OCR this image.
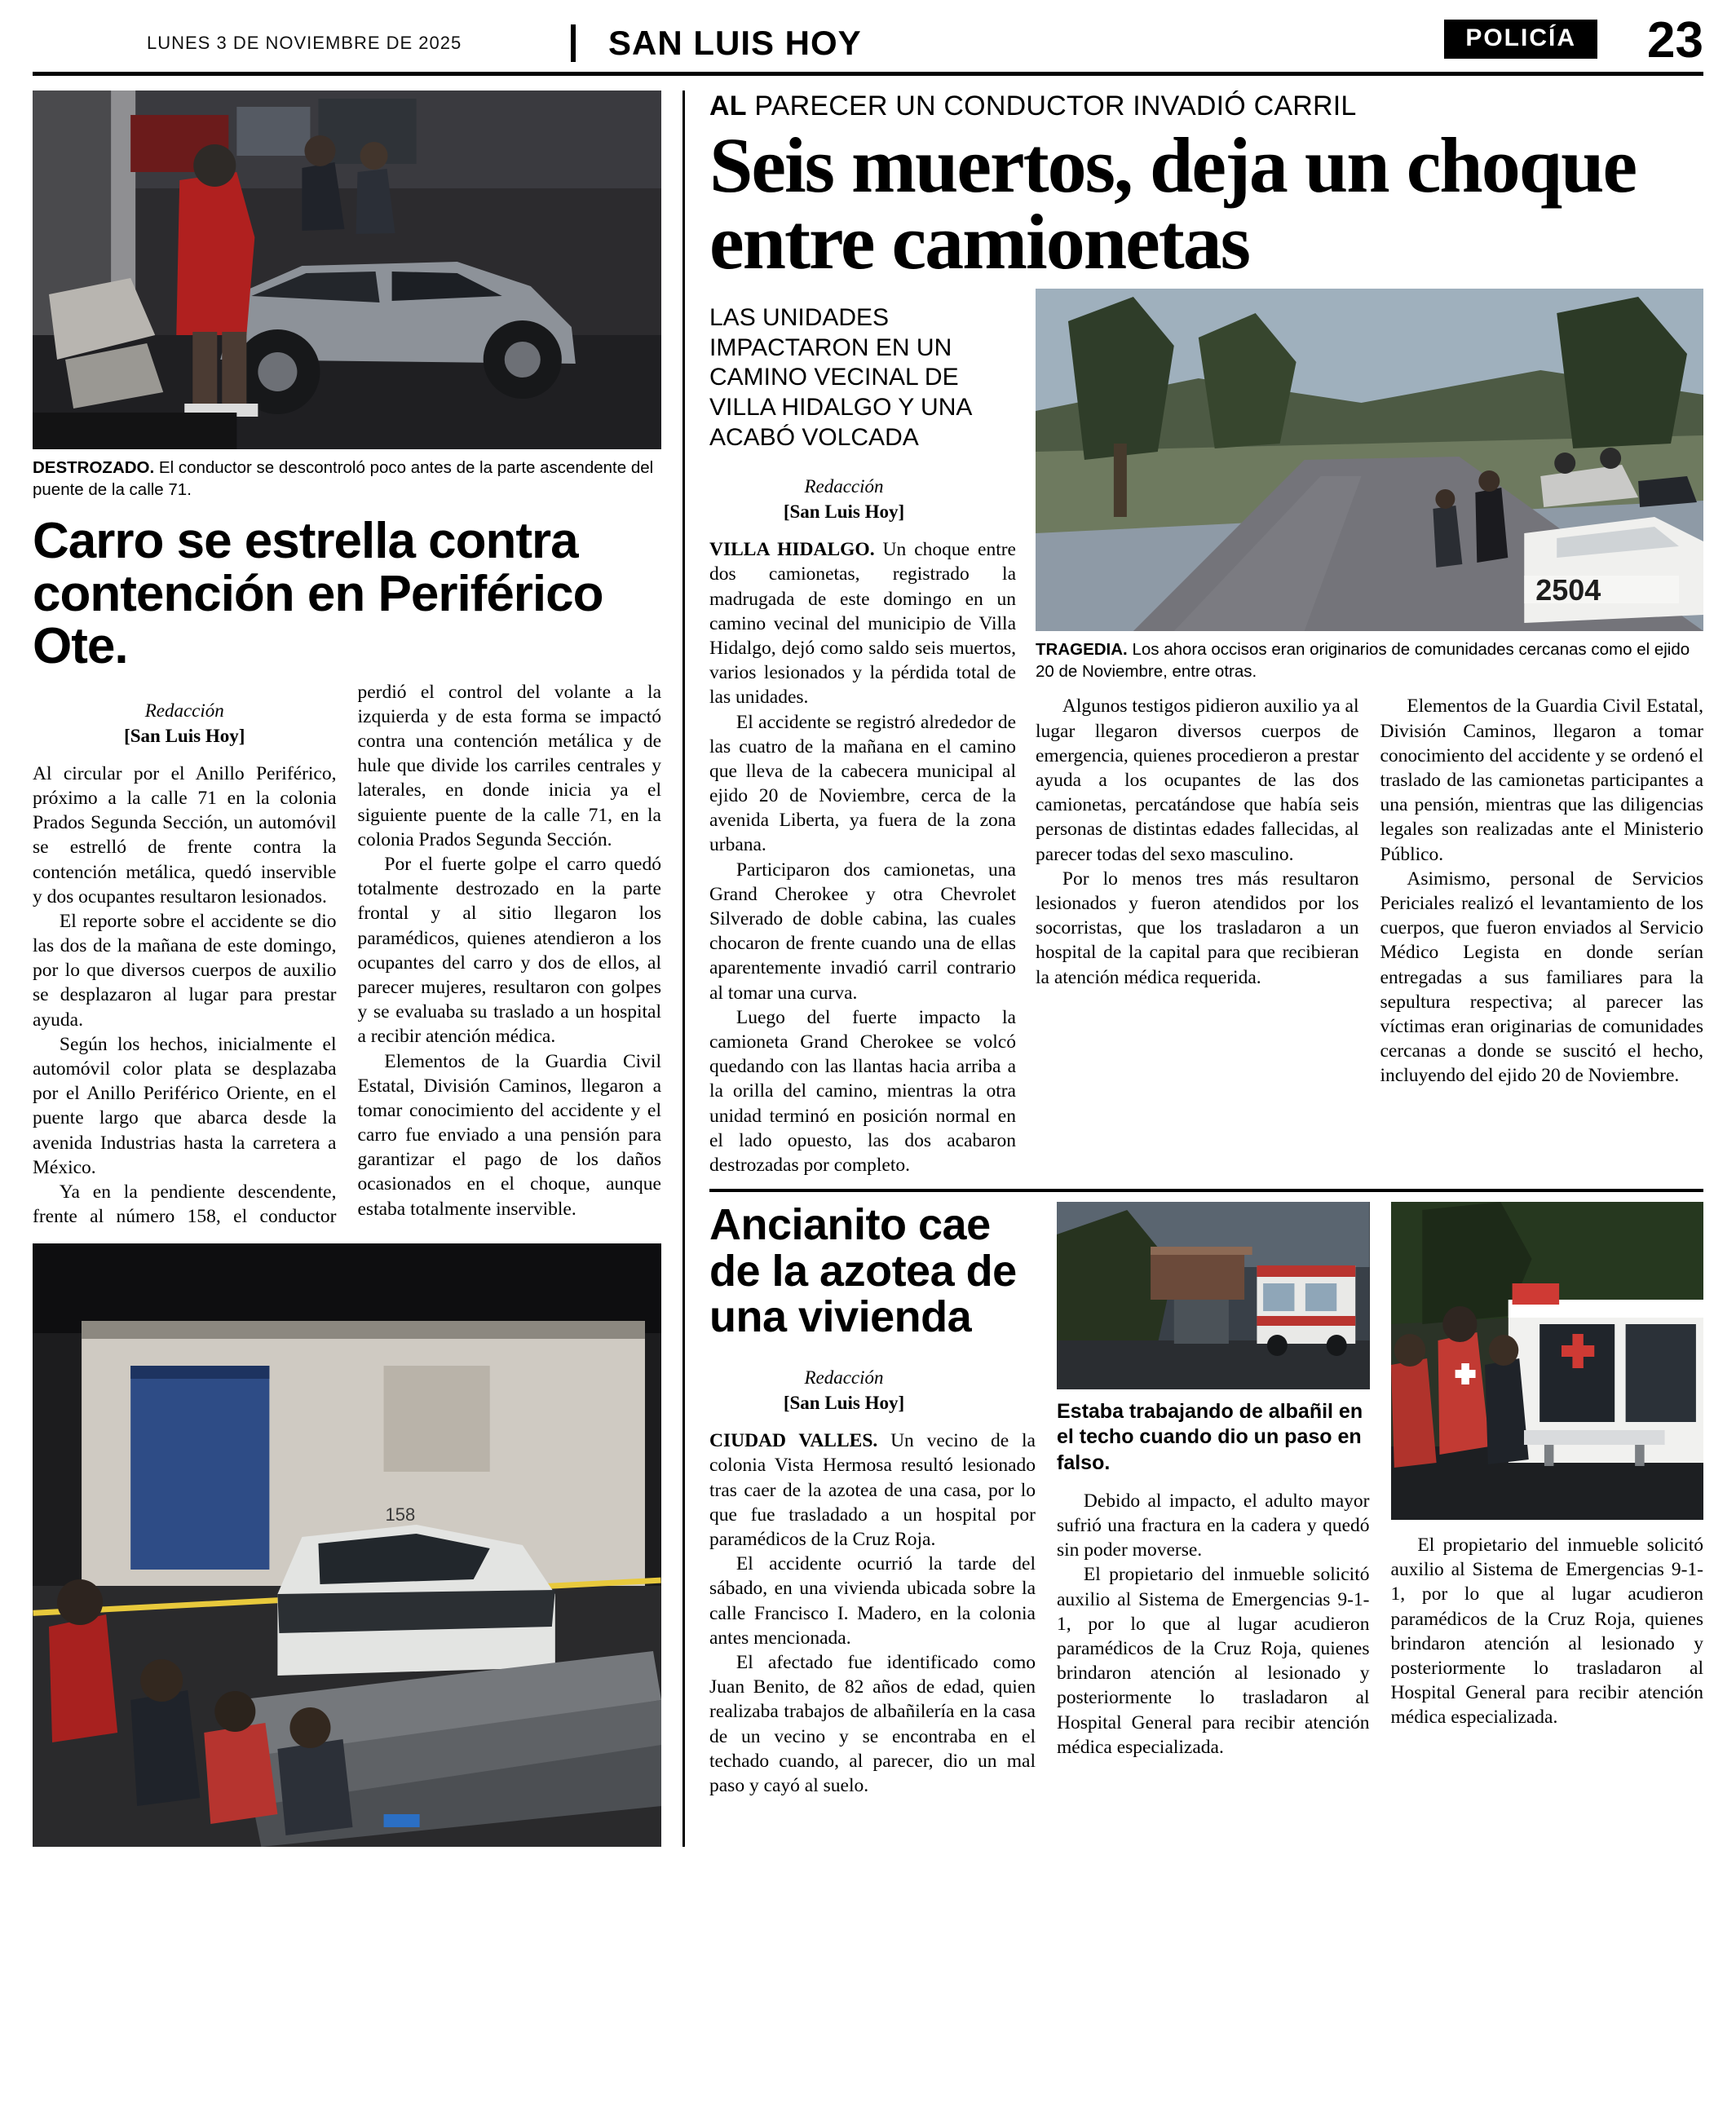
LUNES 3 DE NOVIEMBRE DE 2025	SAN LUIS HOY	POLICÍA	23
DESTROZADO. El conductor se descontroló poco antes de la parte ascendente del puente de la calle 71.
Carro se estrella contra contención en Periférico Ote.
Redacción
[San Luis Hoy]

Al circular por el Anillo Periférico, próximo a la calle 71 en la colonia Prados Segunda Sección, un automóvil se estrelló de frente contra la contención metálica, quedó inservible y dos ocupantes resultaron lesionados.

El reporte sobre el accidente se dio las dos de la mañana de este domingo, por lo que diversos cuerpos de auxilio se desplazaron al lugar para prestar ayuda.

Según los hechos, inicialmente el automóvil color plata se desplazaba por el Anillo Periférico Oriente, en el puente largo que abarca desde la avenida Industrias hasta la carretera a México.

Ya en la pendiente descendente, frente al número 158, el conductor perdió el control del volante a la izquierda y de esta forma se impactó contra una contención metálica y de hule que divide los carriles centrales y laterales, en donde inicia ya el siguiente puente de la calle 71, en la colonia Prados Segunda Sección.

Por el fuerte golpe el carro quedó totalmente destrozado en la parte frontal y al sitio llegaron los paramédicos, quienes atendieron a los ocupantes del carro y dos de ellos, al parecer mujeres, resultaron con golpes y se evaluaba su traslado a un hospital a recibir atención médica.

Elementos de la Guardia Civil Estatal, División Caminos, llegaron a tomar conocimiento del accidente y el carro fue enviado a una pensión para garantizar el pago de los daños ocasionados en el choque, aunque estaba totalmente inservible.

158
AL PARECER UN CONDUCTOR INVADIÓ CARRIL
Seis muertos, deja un choque entre camionetas
LAS UNIDADES IMPACTARON EN UN CAMINO VECINAL DE VILLA HIDALGO Y UNA ACABÓ VOLCADA
Redacción
[San Luis Hoy]

VILLA HIDALGO. Un choque entre dos camionetas, registrado la madrugada de este domingo en un camino vecinal del municipio de Villa Hidalgo, dejó como saldo seis muertos, varios lesionados y la pérdida total de las unidades.

El accidente se registró alrededor de las cuatro de la mañana en el camino que lleva de la cabecera municipal al ejido 20 de Noviembre, cerca de la avenida Liberta, ya fuera de la zona urbana.

Participaron dos camionetas, una Grand Cherokee y otra Chevrolet Silverado de doble cabina, las cuales chocaron de frente cuando una de ellas aparentemente invadió carril contrario al tomar una curva.

Luego del fuerte impacto la camioneta Grand Cherokee se volcó quedando con las llantas hacia arriba a la orilla del camino, mientras la otra unidad terminó en posición normal en el lado opuesto, las dos acabaron destrozadas por completo.

2504
TRAGEDIA. Los ahora occisos eran originarios de comunidades cercanas como el ejido 20 de Noviembre, entre otras.

Algunos testigos pidieron auxilio ya al lugar llegaron diversos cuerpos de emergencia, quienes procedieron a prestar ayuda a los ocupantes de las dos camionetas, percatándose que había seis personas de distintas edades fallecidas, al parecer todas del sexo masculino.

Por lo menos tres más resultaron lesionados y fueron atendidos por los socorristas, que los trasladaron a un hospital de la capital para que recibieran la atención médica requerida.

Elementos de la Guardia Civil Estatal, División Caminos, llegaron a tomar conocimiento del accidente y se ordenó el traslado de las camionetas participantes a una pensión, mientras que las diligencias legales son realizadas ante el Ministerio Público.

Asimismo, personal de Servicios Periciales realizó el levantamiento de los cuerpos, que fueron enviados al Servicio Médico Legista en donde serían entregadas a sus familiares para la sepultura respectiva; al parecer las víctimas eran originarias de comunidades cercanas a donde se suscitó el hecho, incluyendo del ejido 20 de Noviembre.

Ancianito cae de la azotea de una vivienda
Redacción
[San Luis Hoy]

CIUDAD VALLES. Un vecino de la colonia Vista Hermosa resultó lesionado tras caer de la azotea de una casa, por lo que fue trasladado a un hospital por paramédicos de la Cruz Roja.

El accidente ocurrió la tarde del sábado, en una vivienda ubicada sobre la calle Francisco I. Madero, en la colonia antes mencionada.

El afectado fue identificado como Juan Benito, de 82 años de edad, quien realizaba trabajos de albañilería en la casa de un vecino y se encontraba en el techado cuando, al parecer, dio un mal paso y cayó al suelo.

Estaba trabajando de albañil en el techo cuando dio un paso en falso.

Debido al impacto, el adulto mayor sufrió una fractura en la cadera y quedó sin poder moverse.

El propietario del inmueble solicitó auxilio al Sistema de Emergencias 9-1-1, por lo que al lugar acudieron paramédicos de la Cruz Roja, quienes brindaron atención al lesionado y posteriormente lo trasladaron al Hospital General para recibir atención médica especializada.

El propietario del inmueble solicitó auxilio al Sistema de Emergencias 9-1-1, por lo que al lugar acudieron paramédicos de la Cruz Roja, quienes brindaron atención al lesionado y posteriormente lo trasladaron al Hospital General para recibir atención médica especializada.
